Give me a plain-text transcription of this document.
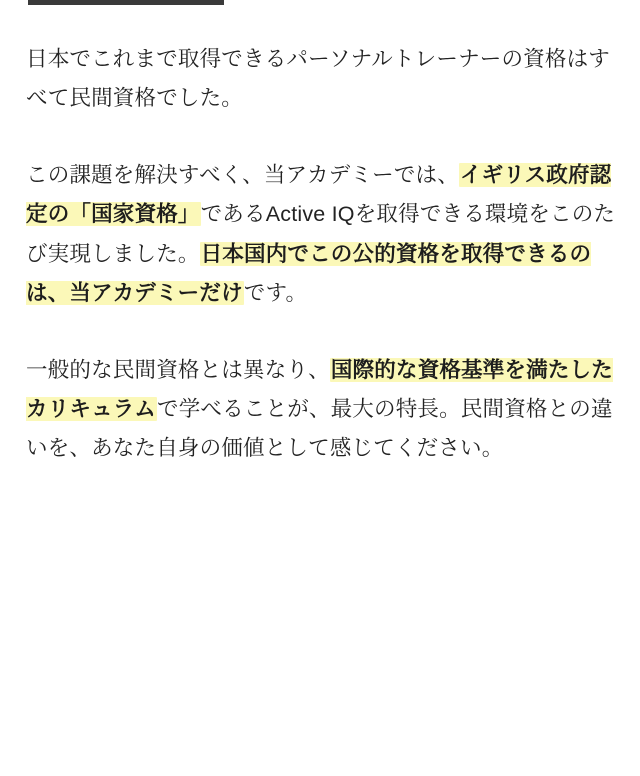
日本でこれまで取得できるパーソナルトレーナーの資格はすべて民間資格でした。

この課題を解決すべく、当アカデミーでは、イギリス政府認定の「国家資格」であるActive IQを取得できる環境をこのたび実現しました。日本国内でこの公的資格を取得できるのは、当アカデミーだけです。

一般的な民間資格とは異なり、国際的な資格基準を満たしたカリキュラムで学べることが、最大の特長。民間資格との違いを、あなた自身の価値として感じてください。
